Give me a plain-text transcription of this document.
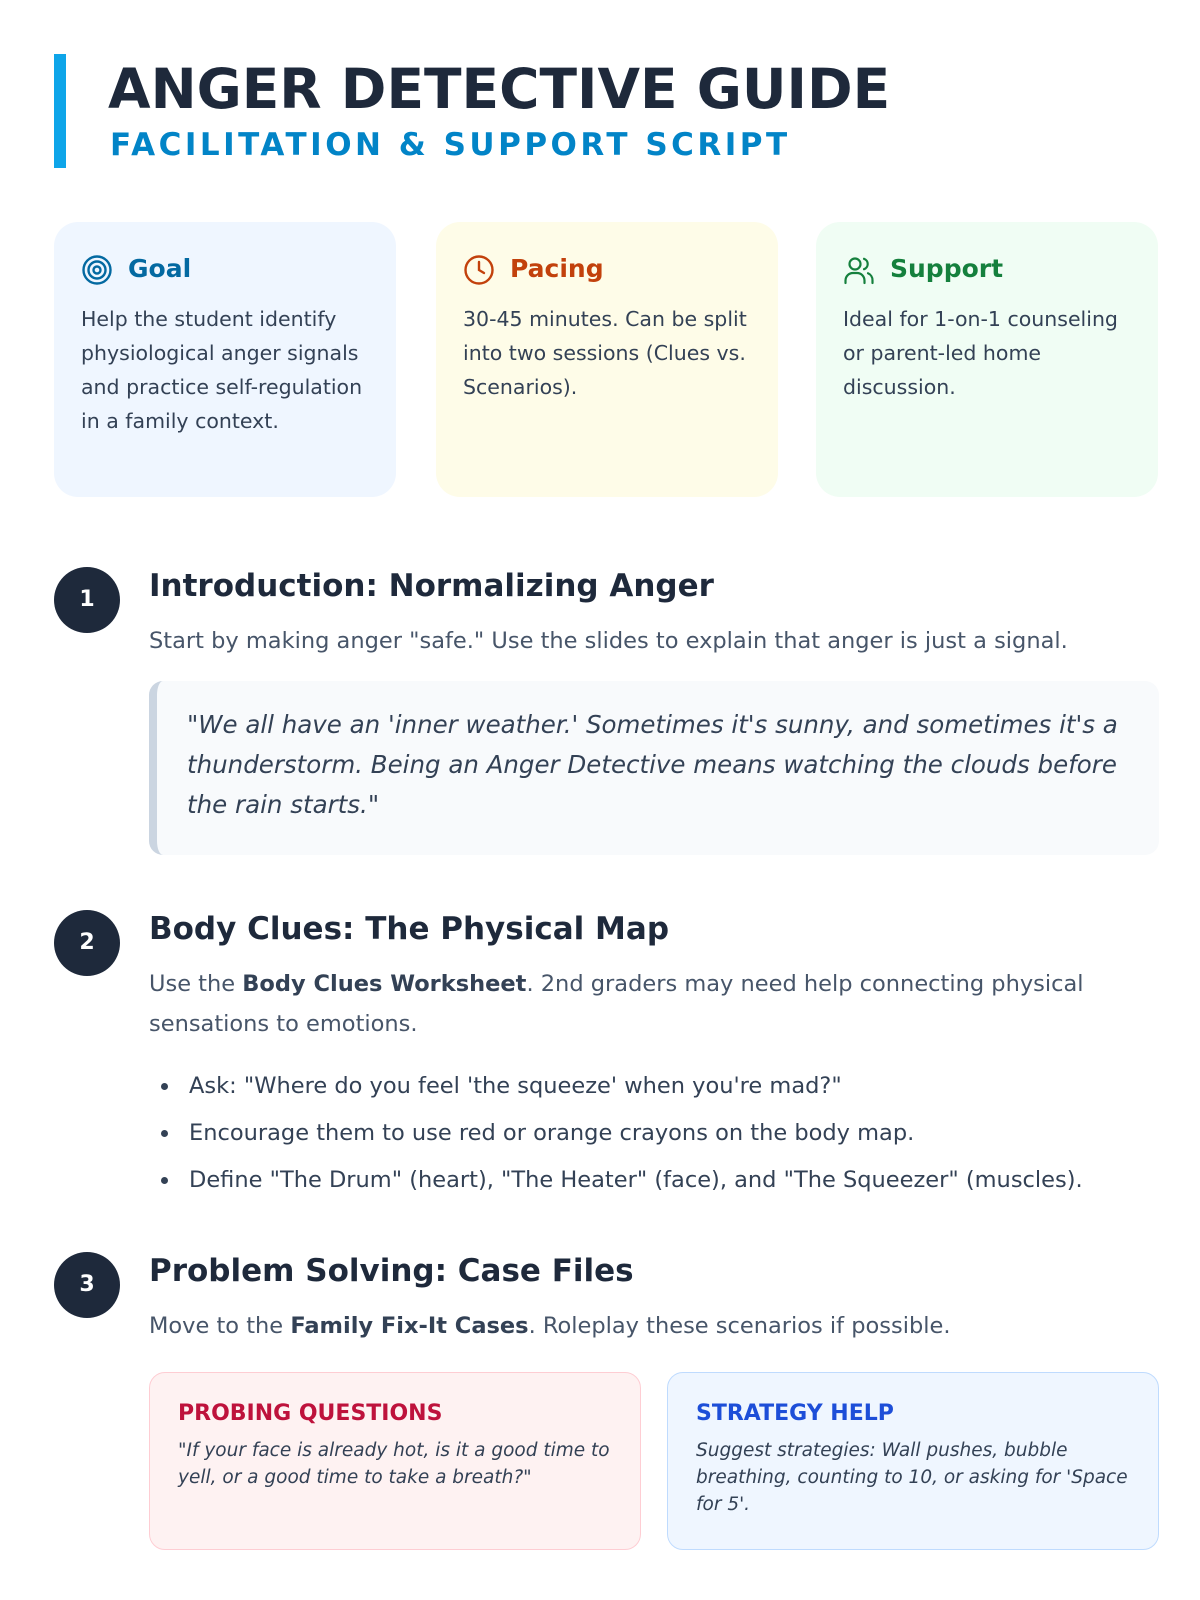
ANGER DETECTIVE GUIDE
FACILITATION & SUPPORT SCRIPT
Goal

Help the student identify physiological anger signals and practice self-regulation in a family context.

Pacing

30-45 minutes. Can be split into two sessions (Clues vs. Scenarios).

Support

Ideal for 1-on-1 counseling or parent-led home discussion.

1	Introduction: Normalizing Anger

Start by making anger "safe." Use the slides to explain that anger is just a signal.

"We all have an 'inner weather.' Sometimes it's sunny, and sometimes it's a thunderstorm. Being an Anger Detective means watching the clouds before the rain starts."

2	Body Clues: The Physical Map

Use the Body Clues Worksheet. 2nd graders may need help connecting physical sensations to emotions.

Ask: "Where do you feel 'the squeeze' when you're mad?"
Encourage them to use red or orange crayons on the body map.
Define "The Drum" (heart), "The Heater" (face), and "The Squeezer" (muscles).
3	Problem Solving: Case Files

Move to the Family Fix-It Cases. Roleplay these scenarios if possible.

PROBING QUESTIONS

"If your face is already hot, is it a good time to yell, or a good time to take a breath?"

STRATEGY HELP

Suggest strategies: Wall pushes, bubble breathing, counting to 10, or asking for 'Space for 5'.
